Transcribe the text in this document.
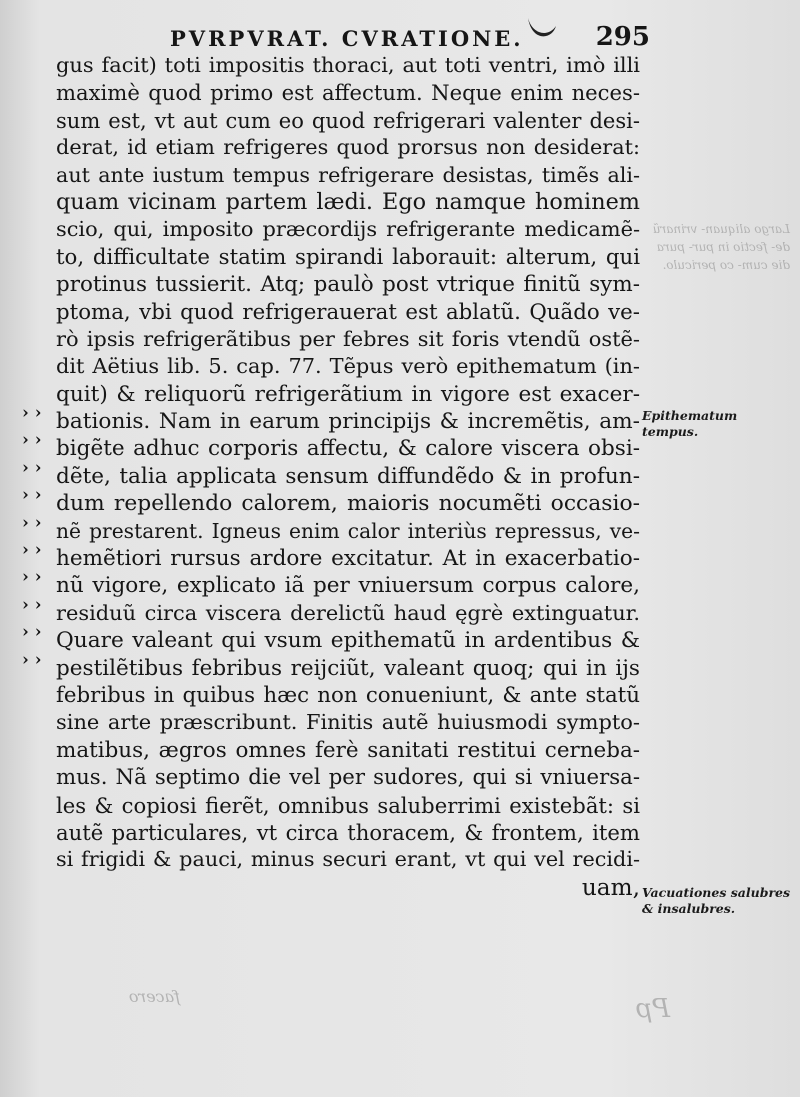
PVRPVRAT. CVRATIONE.	295
Largo aliquan- vrinarũ de- fectio in pur- pura die cum- co periculo.
facero	Pp
› ›
› ›
› ›
› ›
› ›
› ›
› ›
› ›
› ›
› ›
gus facit) toti impositis thoraci, aut toti ventri, imò illi
maximè quod primo est affectum. Neque enim neces-
sum est, vt aut cum eo quod refrigerari valenter desi-
derat, id etiam refrigeres quod prorsus non desiderat:
aut ante iustum tempus refrigerare desistas, timẽs ali-
quam vicinam partem lædi. Ego namque hominem
scio, qui, imposito præcordijs refrigerante medicamẽ-
to, difficultate statim spirandi laborauit: alterum, qui
protinus tussierit. Atq; paulò post vtrique finitũ sym-
ptoma, vbi quod refrigerauerat est ablatũ. Quãdo ve-
rò ipsis refrigerãtibus per febres sit foris vtendũ ostẽ-
dit Aëtius lib. 5. cap. 77. Tẽpus verò epithematum (in-
quit) & reliquorũ refrigerãtium in vigore est exacer-
bationis. Nam in earum principijs & incremẽtis, am-
bigẽte adhuc corporis affectu, & calore viscera obsi-
dẽte, talia applicata sensum diffundẽdo & in profun-
dum repellendo calorem, maioris nocumẽti occasio-
nẽ prestarent. Igneus enim calor interiùs repressus, ve-
hemẽtiori rursus ardore excitatur. At in exacerbatio-
nũ vigore, explicato iã per vniuersum corpus calore,
residuũ circa viscera derelictũ haud ęgrè extinguatur.
Quare valeant qui vsum epithematũ in ardentibus &
pestilẽtibus febribus reijciũt, valeant quoq; qui in ijs
febribus in quibus hæc non conueniunt, & ante statũ
sine arte præscribunt. Finitis autẽ huiusmodi sympto-
matibus, ægros omnes ferè sanitati restitui cerneba-
mus. Nã septimo die vel per sudores, qui si vniuersa-
les & copiosi fierẽt, omnibus saluberrimi existebãt: si
autẽ particulares, vt circa thoracem, & frontem, item
si frigidi & pauci, minus securi erant, vt qui vel recidi-
uam,
Epithematum tempus.
Vacuationes salubres & insalubres.
